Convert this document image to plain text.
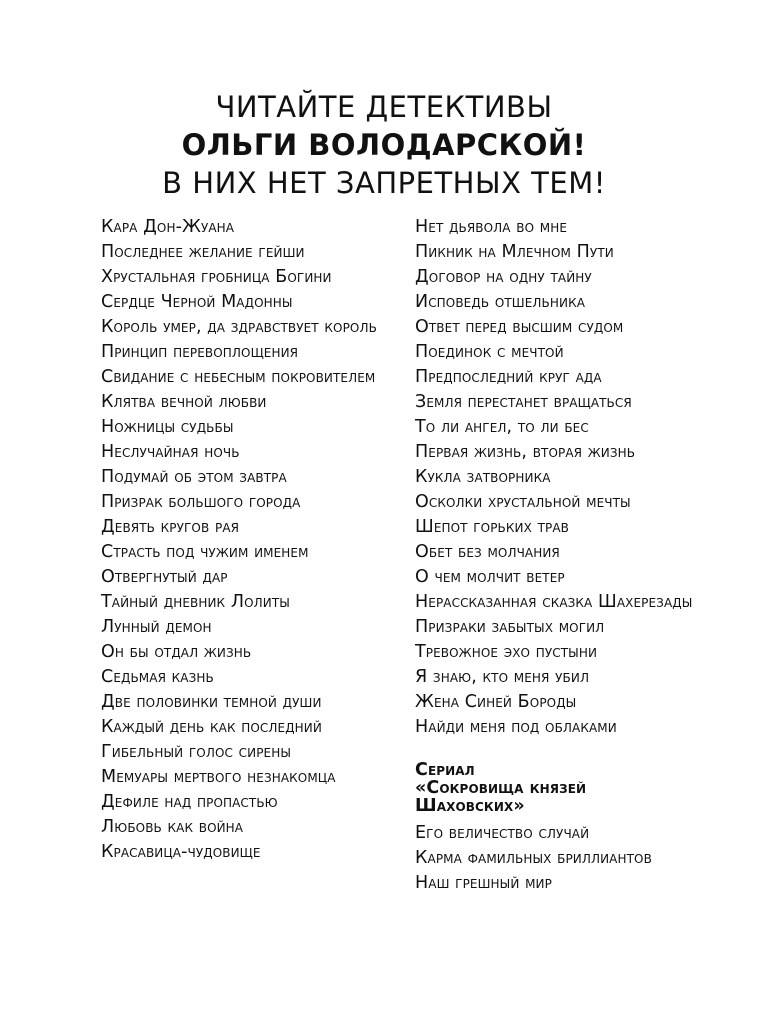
ЧИТАЙТЕ ДЕТЕКТИВЫ
ОЛЬГИ ВОЛОДАРСКОЙ!
В НИХ НЕТ ЗАПРЕТНЫХ ТЕМ!
Кара Дон-Жуана
Последнее желание гейши
Хрустальная гробница Богини
Сердце Черной Мадонны
Король умер, да здравствует король
Принцип перевоплощения
Свидание с небесным покровителем
Клятва вечной любви
Ножницы судьбы
Неслучайная ночь
Подумай об этом завтра
Призрак большого города
Девять кругов рая
Страсть под чужим именем
Отвергнутый дар
Тайный дневник Лолиты
Лунный демон
Он бы отдал жизнь
Седьмая казнь
Две половинки темной души
Каждый день как последний
Гибельный голос сирены
Мемуары мертвого незнакомца
Дефиле над пропастью
Любовь как война
Красавица-чудовище
Нет дьявола во мне
Пикник на Млечном Пути
Договор на одну тайну
Исповедь отшельника
Ответ перед высшим судом
Поединок с мечтой
Предпоследний круг ада
Земля перестанет вращаться
То ли ангел, то ли бес
Первая жизнь, вторая жизнь
Кукла затворника
Осколки хрустальной мечты
Шепот горьких трав
Обет без молчания
О чем молчит ветер
Нерассказанная сказка Шахерезады
Призраки забытых могил
Тревожное эхо пустыни
Я знаю, кто меня убил
Жена Синей Бороды
Найди меня под облаками
Сериал
«Сокровища князей
Шаховских»
Его величество случай
Карма фамильных бриллиантов
Наш грешный мир
